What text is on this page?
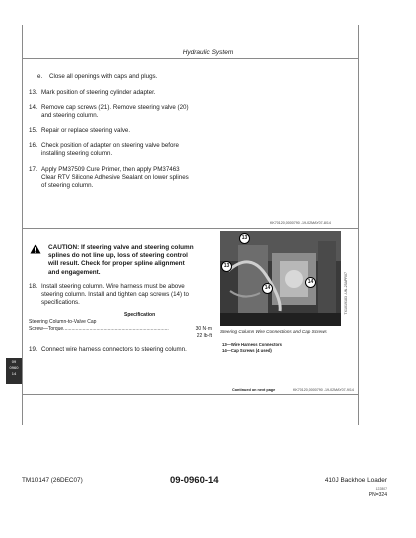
Hydraulic System
e. Close all openings with caps and plugs.
13. Mark position of steering cylinder adapter.
14. Remove cap screws (21). Remove steering valve (20)
and steering column.
15. Repair or replace steering valve.
16. Check position of adapter on steering valve before
installing steering column.
17. Apply PM37509 Cure Primer, then apply PM37463
Clear RTV Silicone Adhesive Sealant on lower splines
of steering column.
KK70120,0000790 -19-02MAY07-8/14
CAUTION: If steering valve and steering column
splines do not line up, loss of steering control
will result. Check for proper spline alignment
and engagement.
18. Install steering column. Wire harness must be above
steering column. Install and tighten cap screws (14) to
specifications.
Specification
Steering Column-to-Valve Cap
Screw—Torque............................................................................	30 N·m
22 lb-ft
19. Connect wire harness connectors to steering column.
13
13
14
14	TX1019183 -UN-25APR07
Steering Column Wire Connections and Cap Screws
13—Wire Harness Connectors
14—Cap Screws (4 used)
Continued on next page	KK70120,0000790 -19-02MAY07-9/14
09
0960
14
TM10147 (26DEC07)	09-0960-14	410J Backhoe Loader
122807
PN=324
